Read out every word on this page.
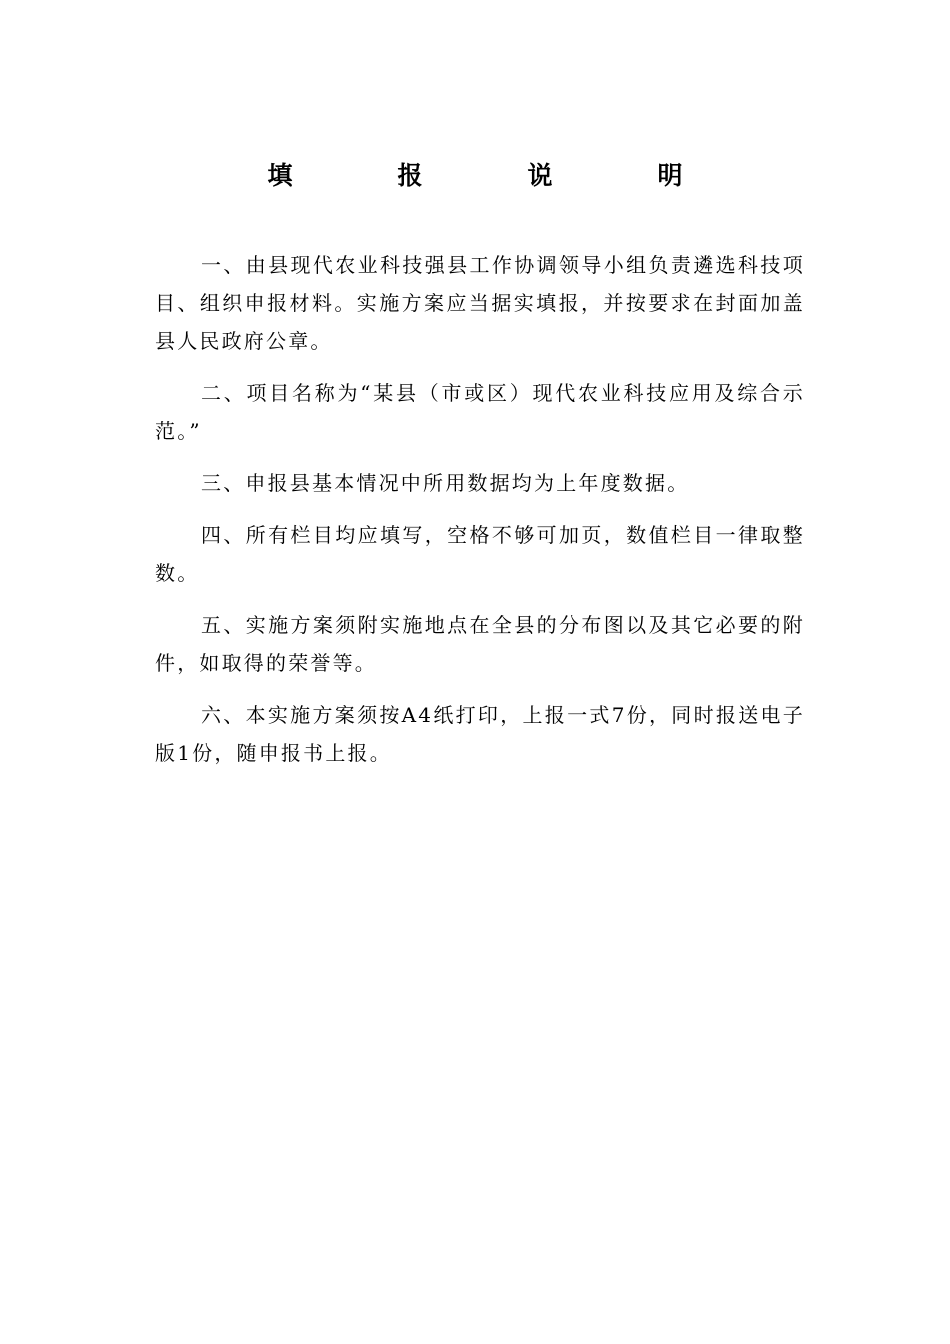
填　报　说　明

一、由县现代农业科技强县工作协调领导小组负责遴选科技项目、组织申报材料。实施方案应当据实填报，并按要求在封面加盖县人民政府公章。

二、项目名称为“某县（市或区）现代农业科技应用及综合示范。”

三、申报县基本情况中所用数据均为上年度数据。

四、所有栏目均应填写，空格不够可加页，数值栏目一律取整数。

五、实施方案须附实施地点在全县的分布图以及其它必要的附件，如取得的荣誉等。

六、本实施方案须按A4纸打印，上报一式7份，同时报送电子版1份，随申报书上报。
